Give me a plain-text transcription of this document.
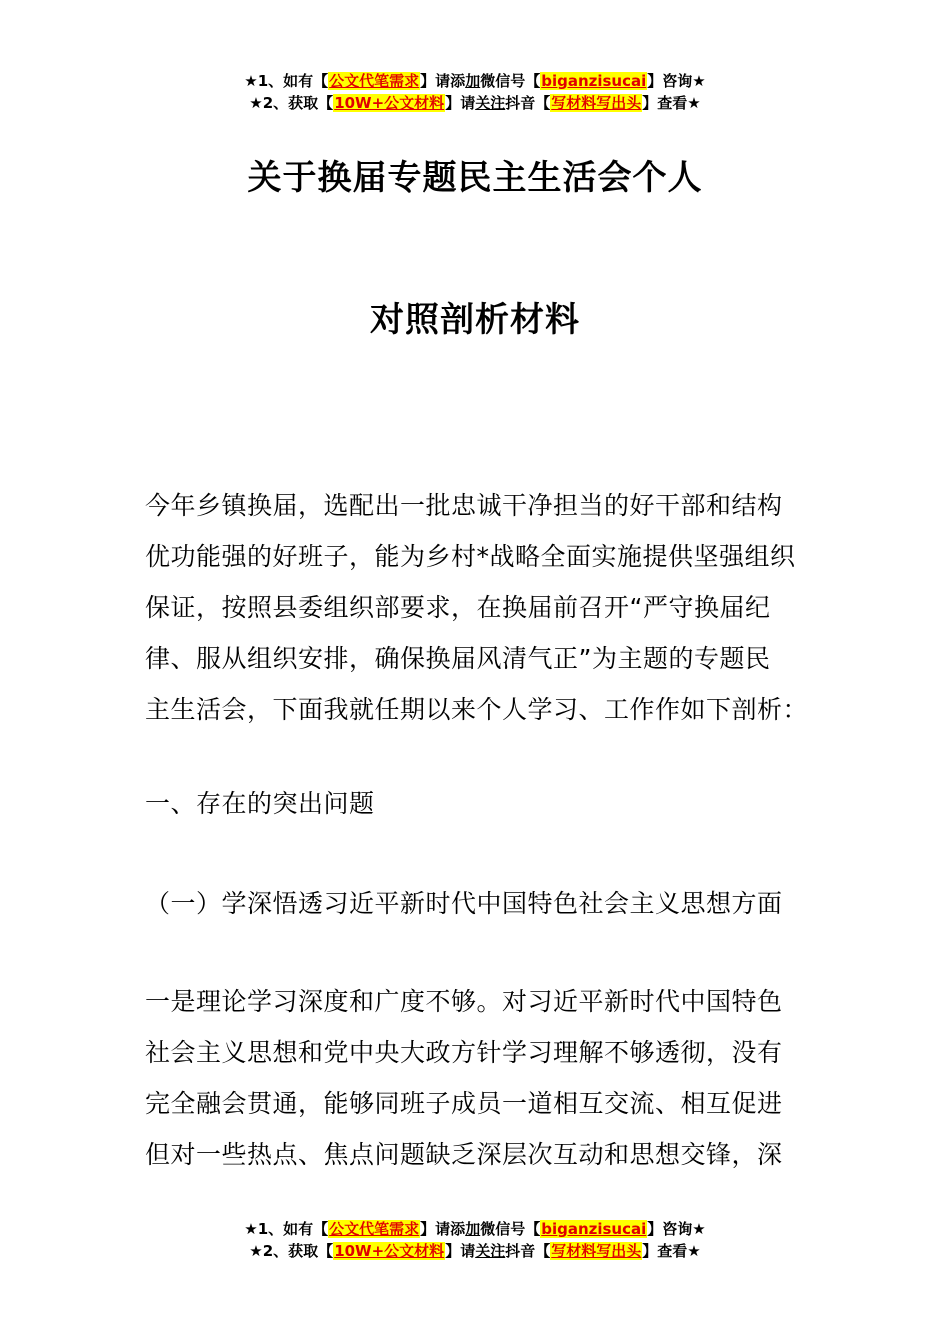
★1、如有【公文代笔需求】请添加微信号【biganzisucai】咨询★
★2、获取【10W+公文材料】请关注抖音【写材料写出头】查看★
关于换届专题民主生活会个人
对照剖析材料
今年乡镇换届，选配出一批忠诚干净担当的好干部和结构
优功能强的好班子，能为乡村*战略全面实施提供坚强组织
保证，按照县委组织部要求，在换届前召开“严守换届纪
律、服从组织安排，确保换届风清气正”为主题的专题民
主生活会，下面我就任期以来个人学习、工作作如下剖析：
一、存在的突出问题
（一）学深悟透习近平新时代中国特色社会主义思想方面
一是理论学习深度和广度不够。对习近平新时代中国特色
社会主义思想和党中央大政方针学习理解不够透彻，没有
完全融会贯通，能够同班子成员一道相互交流、相互促进
但对一些热点、焦点问题缺乏深层次互动和思想交锋，深
★1、如有【公文代笔需求】请添加微信号【biganzisucai】咨询★
★2、获取【10W+公文材料】请关注抖音【写材料写出头】查看★
